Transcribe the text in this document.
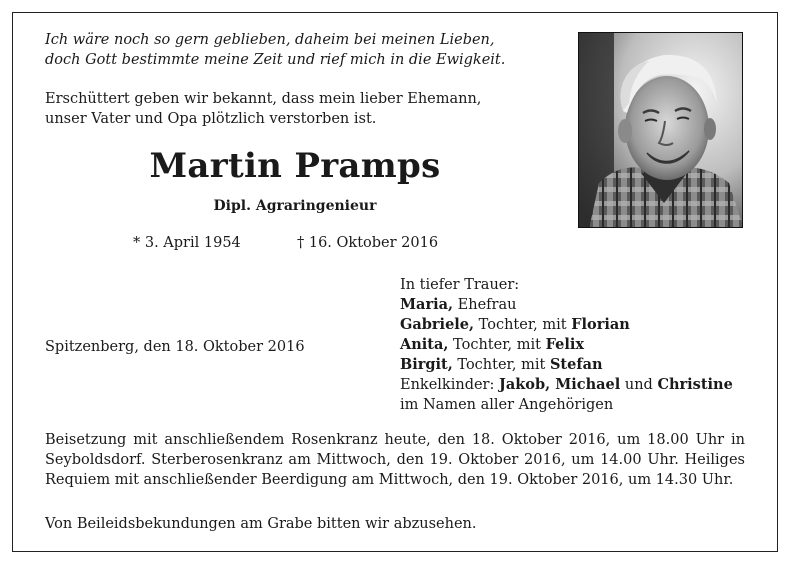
Ich wäre noch so gern geblieben, daheim bei meinen Lieben,
doch Gott bestimmte meine Zeit und rief mich in die Ewigkeit.
Erschüttert geben wir bekannt, dass mein lieber Ehemann,
unser Vater und Opa plötzlich verstorben ist.
Martin Pramps
Dipl. Agraringenieur
* 3. April 1954	† 16. Oktober 2016
Spitzenberg, den 18. Oktober 2016
In tiefer Trauer:
Maria, Ehefrau
Gabriele, Tochter, mit Florian
Anita, Tochter, mit Felix
Birgit, Tochter, mit Stefan
Enkelkinder: Jakob, Michael und Christine
im Namen aller Angehörigen
Beisetzung mit anschließendem Rosenkranz heute, den 18. Oktober 2016, um 18.00 Uhr in Seyboldsdorf. Sterberosenkranz am Mittwoch, den 19. Oktober 2016, um 14.00 Uhr. Heiliges Requiem mit anschließender Beerdigung am Mittwoch, den 19. Oktober 2016, um 14.30 Uhr.
Von Beileidsbekundungen am Grabe bitten wir abzusehen.
